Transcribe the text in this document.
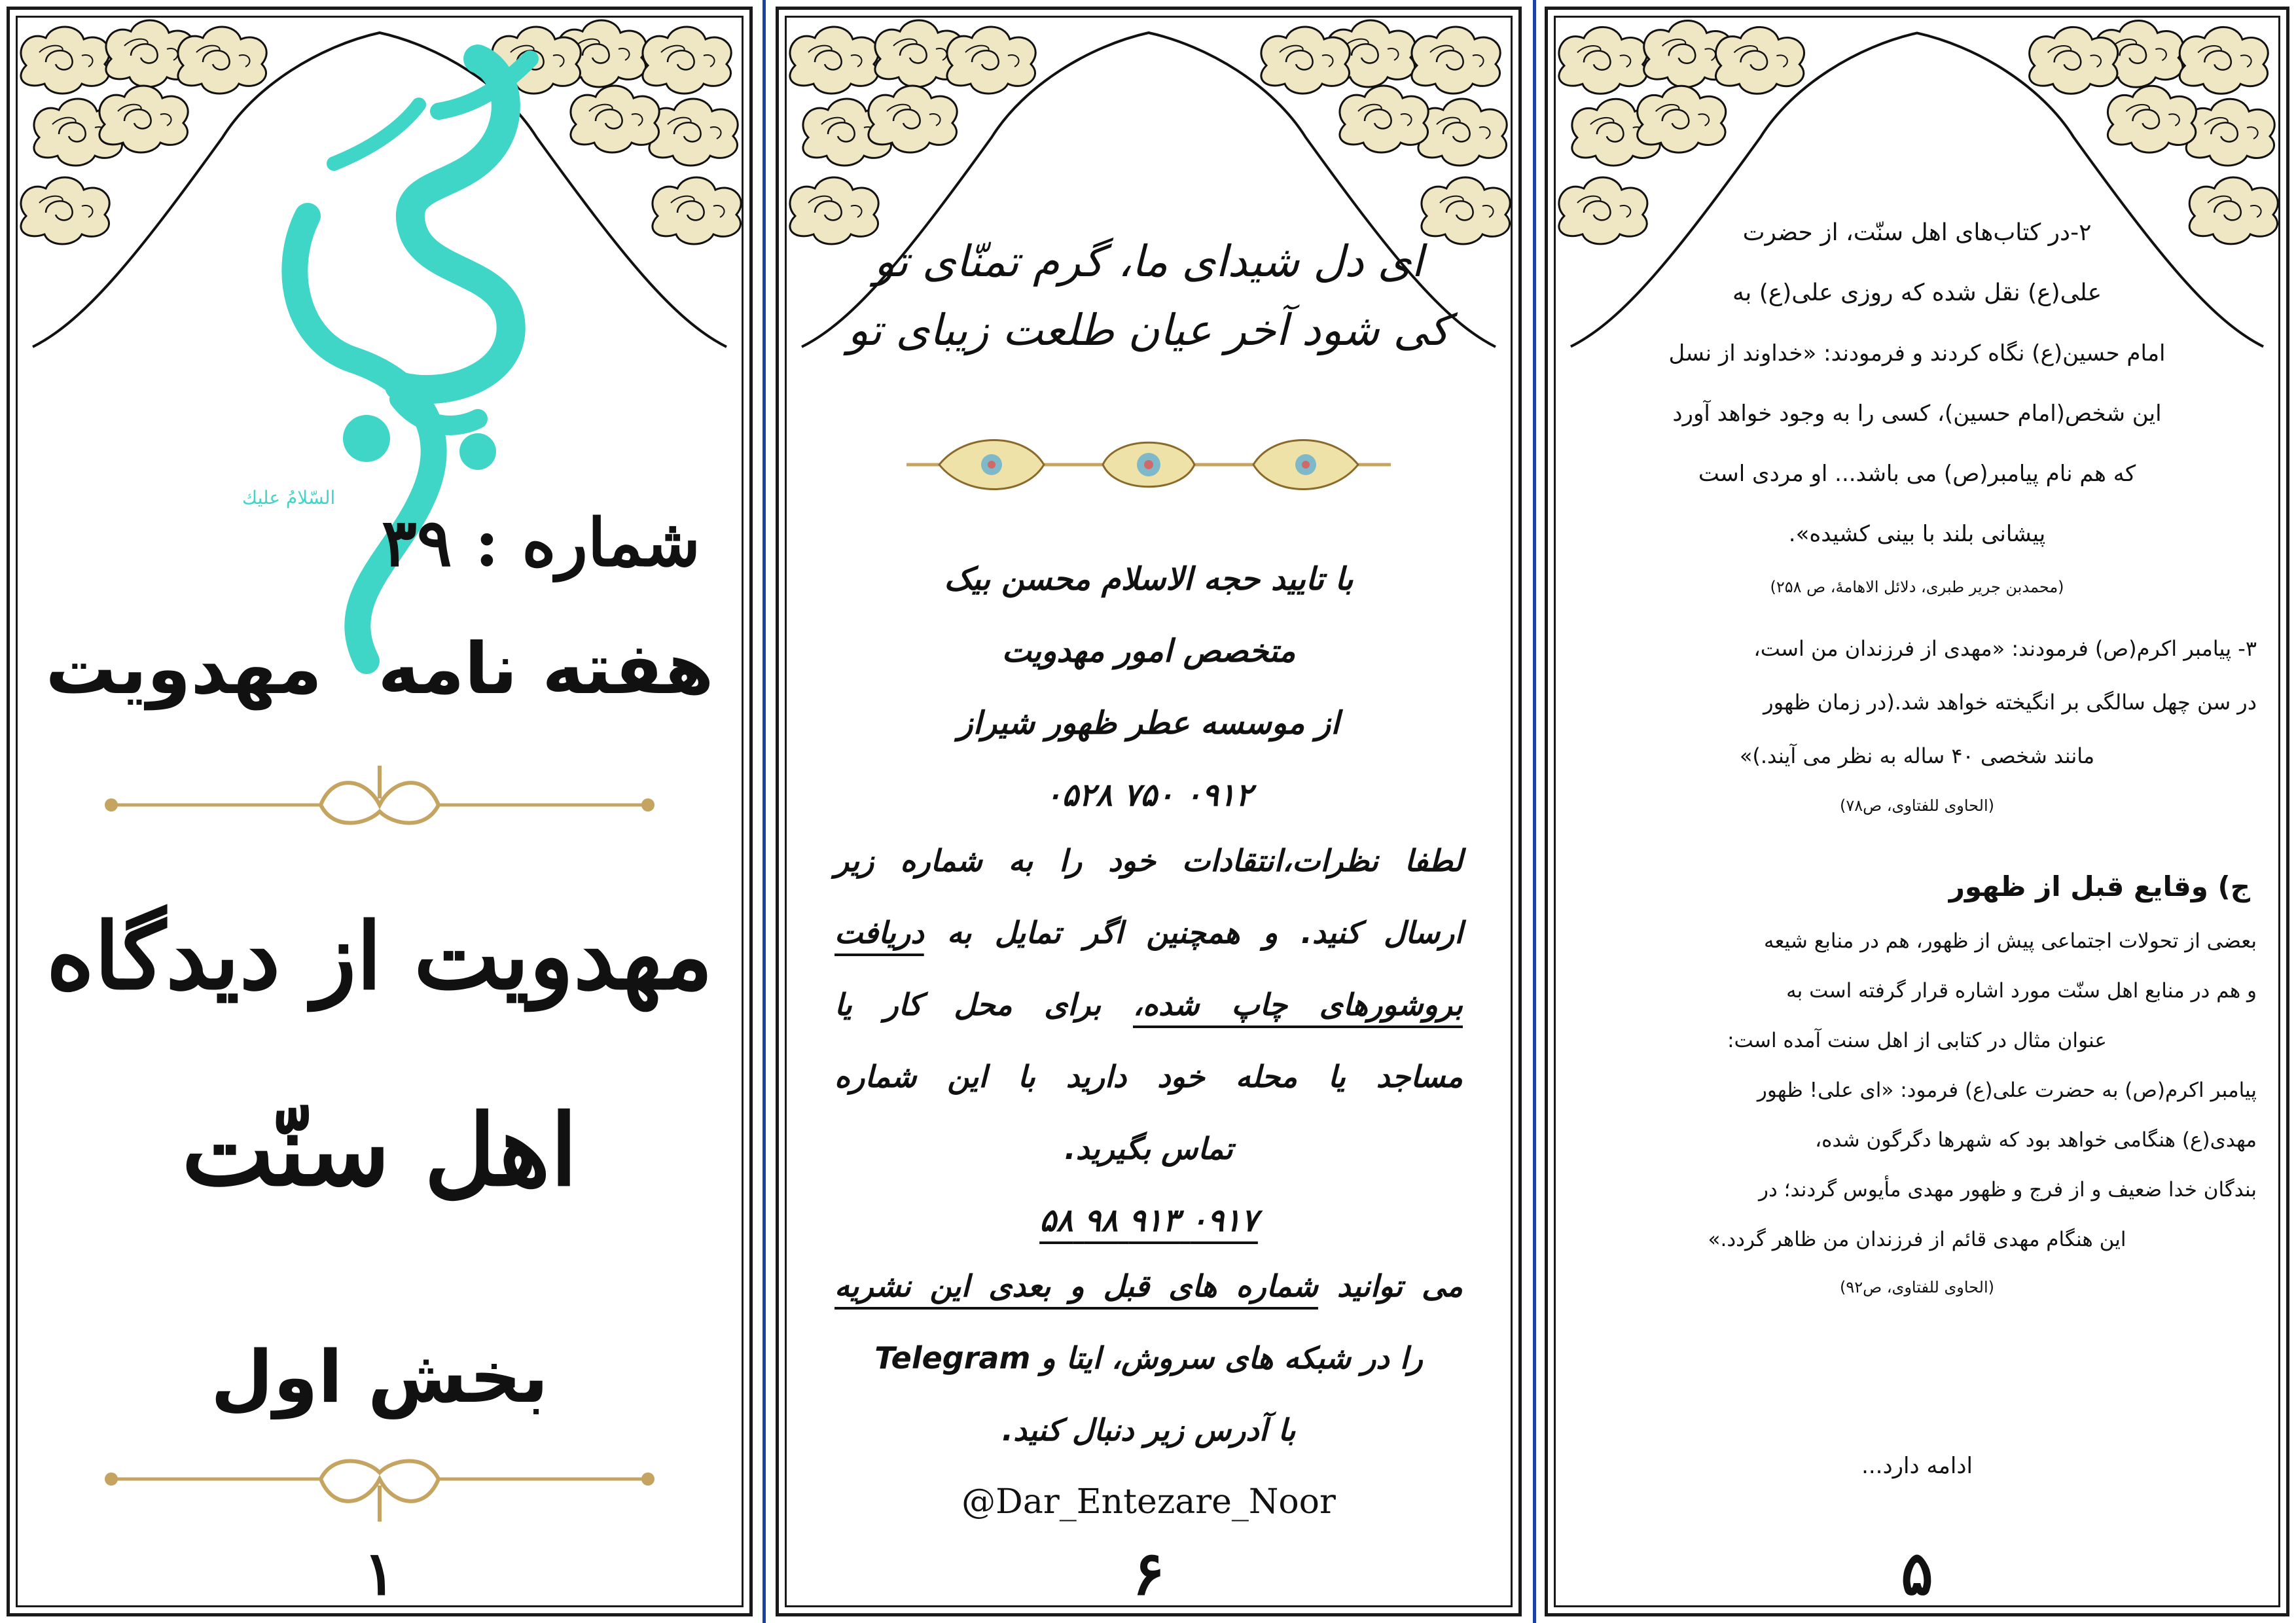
السّلامُ عليك

شماره : ۳۹

هفته نامه مهدویت

مهدویت از دیدگاه

اهل سنّت

بخش اول

۱

ای دل شیدای ما، گرم تمنّای تو

کی شود آخر عیان طلعت زیبای تو

با تایید حجه الاسلام محسن بیک

متخصص امور مهدویت

از موسسه عطر ظهور شیراز

۰۹۱۲ ۷۵۰ ۰۵۲۸

لطفا نظرات،انتقادات خود را به شماره زیر

ارسال کنید. و همچنین اگر تمایل به دریافت

بروشورهای چاپ شده، برای محل کار یا

مساجد یا محله خود دارید با این شماره

تماس بگیرید.

۰۹۱۷ ۹۱۳ ۹۸ ۵۸

می توانید شماره های قبل و بعدی این نشریه

را در شبکه های سروش، ایتا و Telegram

با آدرس زیر دنبال کنید.

@Dar_Entezare_Noor

۶

۲-در کتاب‌های اهل سنّت، از حضرت

علی(ع) نقل شده که روزی علی(ع) به

امام حسین(ع) نگاه کردند و فرمودند: «خداوند از نسل

این شخص(امام حسین)، کسی را به وجود خواهد آورد

که هم نام پیامبر(ص) می باشد... او مردی است

پیشانی بلند با بینی کشیده».

(محمدبن جریر طبری، دلائل الاهامهٔ، ص ۲۵۸)

۳- پیامبر اکرم(ص) فرمودند: «مهدی از فرزندان من است،

در سن چهل سالگی بر انگیخته خواهد شد.(در زمان ظهور

مانند شخصی ۴۰ ساله به نظر می آیند.)»

(الحاوی للفتاوی، ص۷۸)

ج) وقایع قبل از ظهور

بعضی از تحولات اجتماعی پیش از ظهور، هم در منابع شیعه

و هم در منابع اهل سنّت مورد اشاره قرار گرفته است به

عنوان مثال در کتابی از اهل سنت آمده است:

پیامبر اکرم(ص) به حضرت علی(ع) فرمود: «ای علی! ظهور

مهدی(ع) هنگامی خواهد بود که شهرها دگرگون شده،

بندگان خدا ضعیف و از فرج و ظهور مهدی مأیوس گردند؛ در

این هنگام مهدی قائم از فرزندان من ظاهر گردد.»

(الحاوی للفتاوی، ص۹۲)

ادامه دارد...

۵
